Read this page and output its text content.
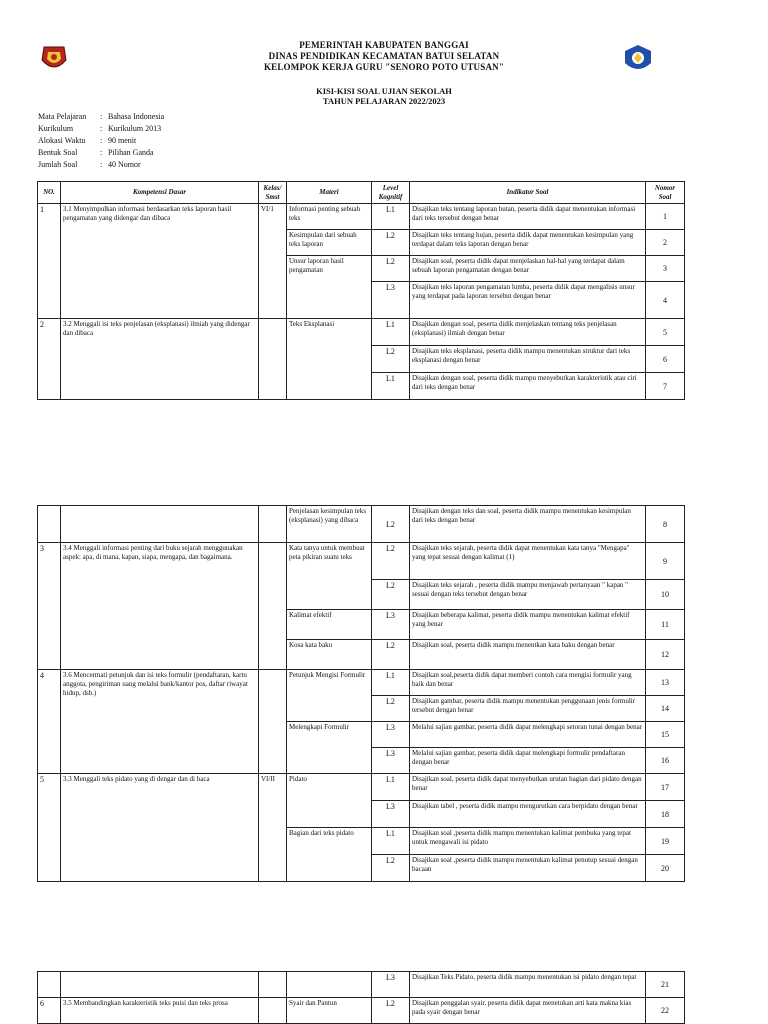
PEMERINTAH KABUPATEN BANGGAI
DINAS PENDIDIKAN KECAMATAN BATUI SELATAN
KELOMPOK KERJA GURU "SENORO POTO UTUSAN"
KISI-KISI SOAL UJIAN SEKOLAH
TAHUN PELAJARAN 2022/2023
Mata Pelajaran	: Bahasa Indonesia
Kurikulum	: Kurikulum 2013
Alokasi Waktu	: 90 menit
Bentuk Soal	: Pilihan Ganda
Jumlah Soal	: 40 Nomor
NO.	Kompetensi Dasar	Kelas/ Smst	Materi	Level Kognitif	Indikator Soal	Nomor Soal
1	3.1 Menyimpulkan informasi berdasarkan teks laporan hasil pengamatan yang didengar dan dibaca	VI/1	Informasi penting sebuah teks	L1	Disajikan teks tentang laporan hutan, peserta didik dapat menentukan informasi dari teks tersebut dengan benar	1
			Kesimpulan dari sebuah teks laporan	L2	Disajikan teks tentang hujan, peserta didik dapat menentukan kesimpulan yang terdapat dalam teks laporan dengan benar	2
			Unsur laporan hasil pengamatan	L2	Disajikan soal, peserta didik dapat menjelaskan hal-hal yang terdapat dalam sebuah laporan pengamatan dengan benar	3
				L3	Disajikan teks laporan pengamatan lumba, peserta didik dapat mengalisis unsur yang terdapat pada laporan tersebut dengan benar	4
2	3.2 Menggali isi teks penjelasan (eksplanasi) ilmiah yang didengar dan dibaca		Teks Eksplanasi	L1	Disajikan dengan soal, peserta didik menjelaskan tentang teks penjelasan (eksplanasi) ilmiah dengan benar	5
				L2	Disajikan teks eksplanasi, peserta didik mampu menentukan struktur dari teks eksplanasi dengan benar	6
				L1	Disajikan dengan soal, peserta didik mampu menyebutkan karakteristik atau ciri dari teks dengan benar	7
			Penjelasan kesimpulan teks (eksplanasi) yang dibaca	L2	Disajikan dengan teks dan soal, peserta didik mampu menentukan kesimpulan dari teks dengan benar	8
3	3.4 Menggali informasi penting dari buku sejarah menggunakan aspek: apa, di mana, kapan, siapa, mengapa, dan bagaimana.		Kata tanya untuk membuat peta pikiran suatu teks	L2	Disajikan teks sejarah, peserta didik dapat menentukan kata tanya "Mengapa" yang tepat sesuai dengan kalimat (1)	9
				L2	Disajikan teks sejarah , peserta didik mampu menjawab pertanyaan " kapan " sesuai dengan teks tersebut dengan benar	10
			Kalimat efektif	L3	Disajikan beberapa kalimat, peserta didik mampu menentukan kalimat efektif yang benar	11
			Kosa kata baku	L2	Disajikan soal, peserta didik mampu menentkan kata baku dengan benar	12
4	3.6 Mencermati petunjuk dan isi teks formulir (pendaftaran, kartu anggota, pengiriman uang melalui bank/kantor pos, daftar riwayat hidup, dsb.)		Petunjuk Mengisi Formulir	L1	Disajikan soal,peserta didik dapat memberi contoh cara mengisi formulir yang baik dan benar	13
				L2	Disajikan gambar, peserta didik mampu menentukan penggunaan jenis formulir tersebut dengan benar	14
			Melengkapi Formulir	L3	Melalui sajian gambar, peserta didik dapat melengkapi setoran tunai dengan benar	15
				L3	Melalui sajian gambar, peserta didik dapat melengkapi formulir pendaftaran dengan benar	16
5	3.3 Menggali teks pidato yang di dengar dan di baca	VI/II	Pidato	L1	Disajikan soal, peserta didik dapat menyebutkan urutan bagian dari pidato dengan benar	17
				L3	Disajikan tabel , peserta didik mampu mengurutkan cara berpidato dengan benar	18
			Bagian dari teks pidato	L1	Disajikan soal ,peserta didik mampu menentukan kalimat pembuka yang tepat untuk mengawali isi pidato	19
				L2	Disajikan soal ,peserta didik mampu menentukan kalimat penutup sesuai dengan bacaan	20
				L3	Disajikan Teks Pidato, peserta didik mampu menentukan isi pidato dengan tepat	21
6	3.5 Membandingkan karakteristik teks puisi dan teks prosa		Syair dan Pantun	L2	Disajikan penggalan syair, peserta didik dapat menetukan arti kata makna kias pada syair dengan benar	22
